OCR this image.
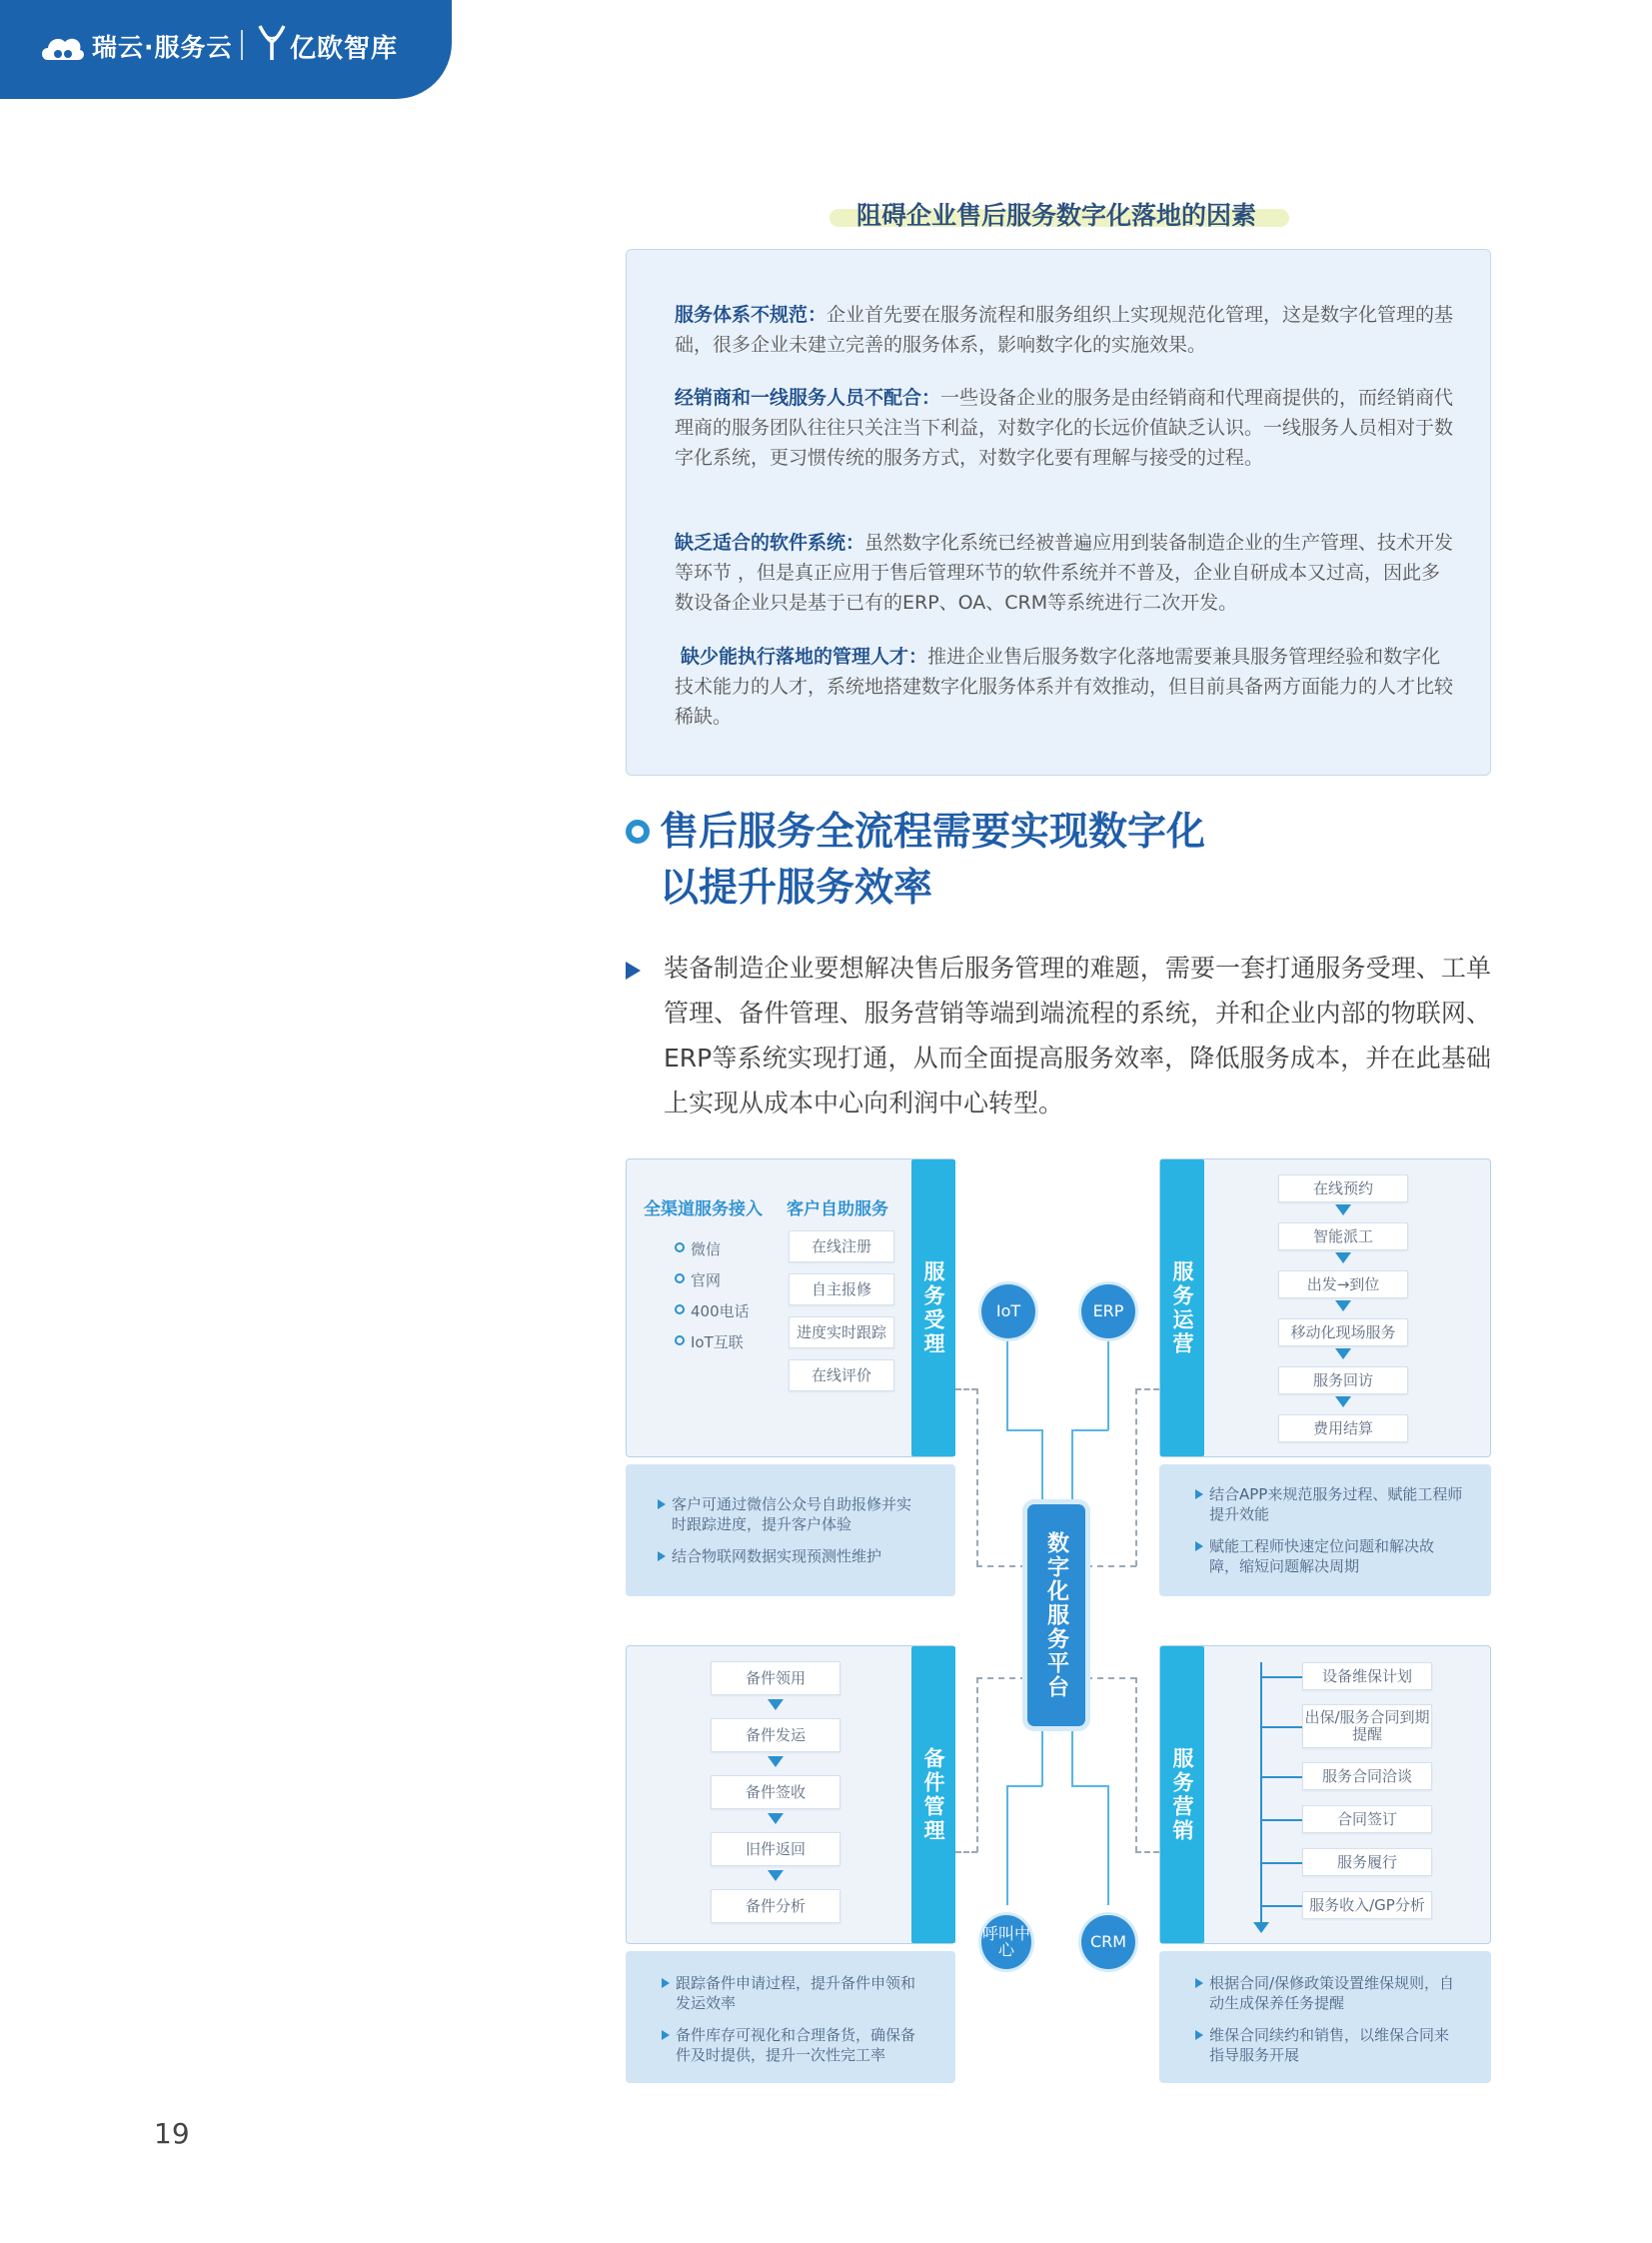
瑞云·服务云 亿欧智库
阻碍企业售后服务数字化落地的因素
服务体系不规范：企业首先要在服务流程和服务组织上实现规范化管理，这是数字化管理的基础，很多企业未建立完善的服务体系，影响数字化的实施效果。
经销商和一线服务人员不配合：一些设备企业的服务是由经销商和代理商提供的，而经销商代理商的服务团队往往只关注当下利益，对数字化的长远价值缺乏认识。一线服务人员相对于数字化系统，更习惯传统的服务方式，对数字化要有理解与接受的过程。
缺乏适合的软件系统：虽然数字化系统已经被普遍应用到装备制造企业的生产管理、技术开发等环节 ，但是真正应用于售后管理环节的软件系统并不普及，企业自研成本又过高，因此多数设备企业只是基于已有的ERP、OA、CRM等系统进行二次开发。
缺少能执行落地的管理人才：推进企业售后服务数字化落地需要兼具服务管理经验和数字化技术能力的人才，系统地搭建数字化服务体系并有效推动，但目前具备两方面能力的人才比较稀缺。
售后服务全流程需要实现数字化
以提升服务效率
装备制造企业要想解决售后服务管理的难题，需要一套打通服务受理、工单管理、备件管理、服务营销等端到端流程的系统，并和企业内部的物联网、ERP等系统实现打通，从而全面提高服务效率，降低服务成本，并在此基础上实现从成本中心向利润中心转型。
全渠道服务接入
微信
官网
400电话
IoT互联
客户自助服务
在线注册
自主报修
进度实时跟踪
在线评价
服务受理
客户可通过微信公众号自助报修并实时跟踪进度，提升客户体验
结合物联网数据实现预测性维护
服务运营
在线预约
智能派工
出发→到位
移动化现场服务
服务回访
费用结算
结合APP来规范服务过程、赋能工程师提升效能
赋能工程师快速定位问题和解决故障，缩短问题解决周期
备件领用
备件发运
备件签收
旧件返回
备件分析
备件管理
跟踪备件申请过程，提升备件申领和发运效率
备件库存可视化和合理备货，确保备件及时提供，提升一次性完工率
服务营销
设备维保计划
出保/服务合同到期提醒
服务合同洽谈
合同签订
服务履行
服务收入/GP分析
根据合同/保修政策设置维保规则，自动生成保养任务提醒
维保合同续约和销售，以维保合同来指导服务开展
IoT	ERP
呼叫中心	CRM
数字化服务平台
19
